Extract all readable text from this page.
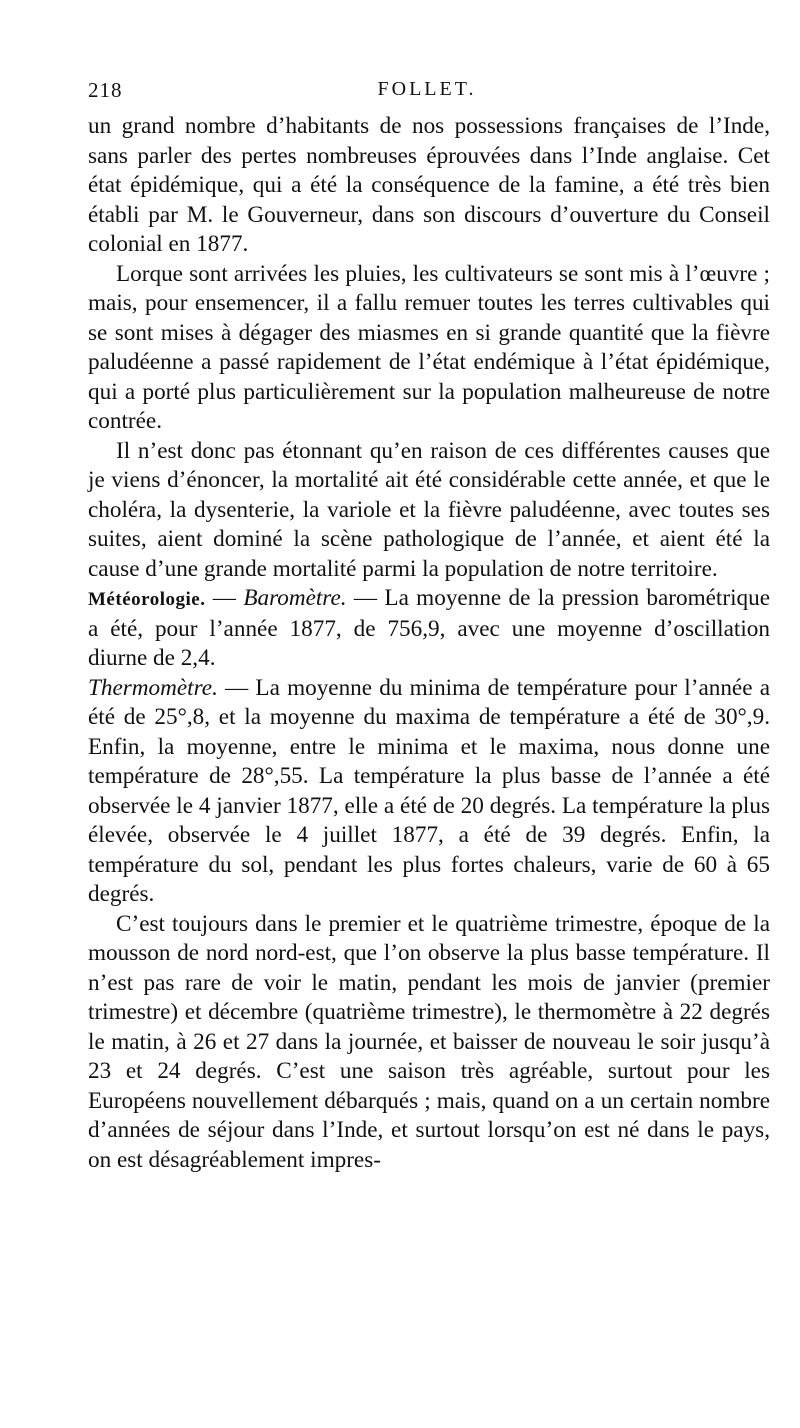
218	FOLLET.

un grand nombre d’habitants de nos possessions françaises de l’Inde, sans parler des pertes nombreuses éprouvées dans l’Inde anglaise. Cet état épidémique, qui a été la conséquence de la famine, a été très bien établi par M. le Gouverneur, dans son discours d’ouverture du Conseil colonial en 1877.

Lorque sont arrivées les pluies, les cultivateurs se sont mis à l’œuvre ; mais, pour ensemencer, il a fallu remuer toutes les terres cultivables qui se sont mises à dégager des miasmes en si grande quantité que la fièvre paludéenne a passé rapidement de l’état endémique à l’état épidémique, qui a porté plus particulièrement sur la population malheureuse de notre contrée.

Il n’est donc pas étonnant qu’en raison de ces différentes causes que je viens d’énoncer, la mortalité ait été considérable cette année, et que le choléra, la dysenterie, la variole et la fièvre paludéenne, avec toutes ses suites, aient dominé la scène pathologique de l’année, et aient été la cause d’une grande mortalité parmi la population de notre territoire.

Météorologie. — Baromètre. — La moyenne de la pression barométrique a été, pour l’année 1877, de 756,9, avec une moyenne d’oscillation diurne de 2,4.

Thermomètre. — La moyenne du minima de température pour l’année a été de 25°,8, et la moyenne du maxima de température a été de 30°,9. Enfin, la moyenne, entre le minima et le maxima, nous donne une température de 28°,55. La température la plus basse de l’année a été observée le 4 janvier 1877, elle a été de 20 degrés. La température la plus élevée, observée le 4 juillet 1877, a été de 39 degrés. Enfin, la température du sol, pendant les plus fortes chaleurs, varie de 60 à 65 degrés.

C’est toujours dans le premier et le quatrième trimestre, époque de la mousson de nord nord-est, que l’on observe la plus basse température. Il n’est pas rare de voir le matin, pendant les mois de janvier (premier trimestre) et décembre (quatrième trimestre), le thermomètre à 22 degrés le matin, à 26 et 27 dans la journée, et baisser de nouveau le soir jusqu’à 23 et 24 degrés. C’est une saison très agréable, surtout pour les Européens nouvellement débarqués ; mais, quand on a un certain nombre d’années de séjour dans l’Inde, et surtout lorsqu’on est né dans le pays, on est désagréablement impres-
